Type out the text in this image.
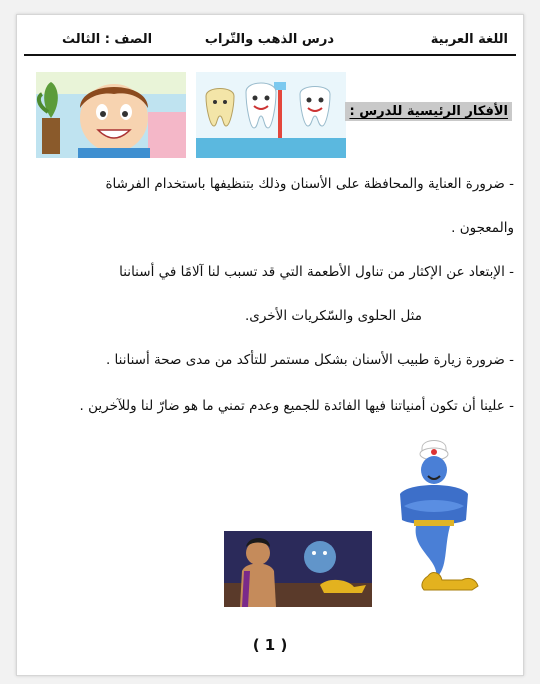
اللغة العربية
درس الذهب والتّراب
الصف : الثالث
الأفكار الرئيسية للدرس :
- ضرورة العناية والمحافظة على الأسنان وذلك بتنظيفها باستخدام الفرشاة
والمعجون .
- الإبتعاد عن الإكثار من تناول الأطعمة التي قد تسبب لنا آلامًا في أسناننا
مثل الحلوى والسّكريات الأخرى.
- ضرورة زيارة طبيب الأسنان بشكل مستمر للتأكد من مدى صحة أسناننا .
- علينا أن تكون أمنياتنا فيها الفائدة للجميع وعدم تمني ما هو ضارّ لنا وللآخرين .
( 1 )
